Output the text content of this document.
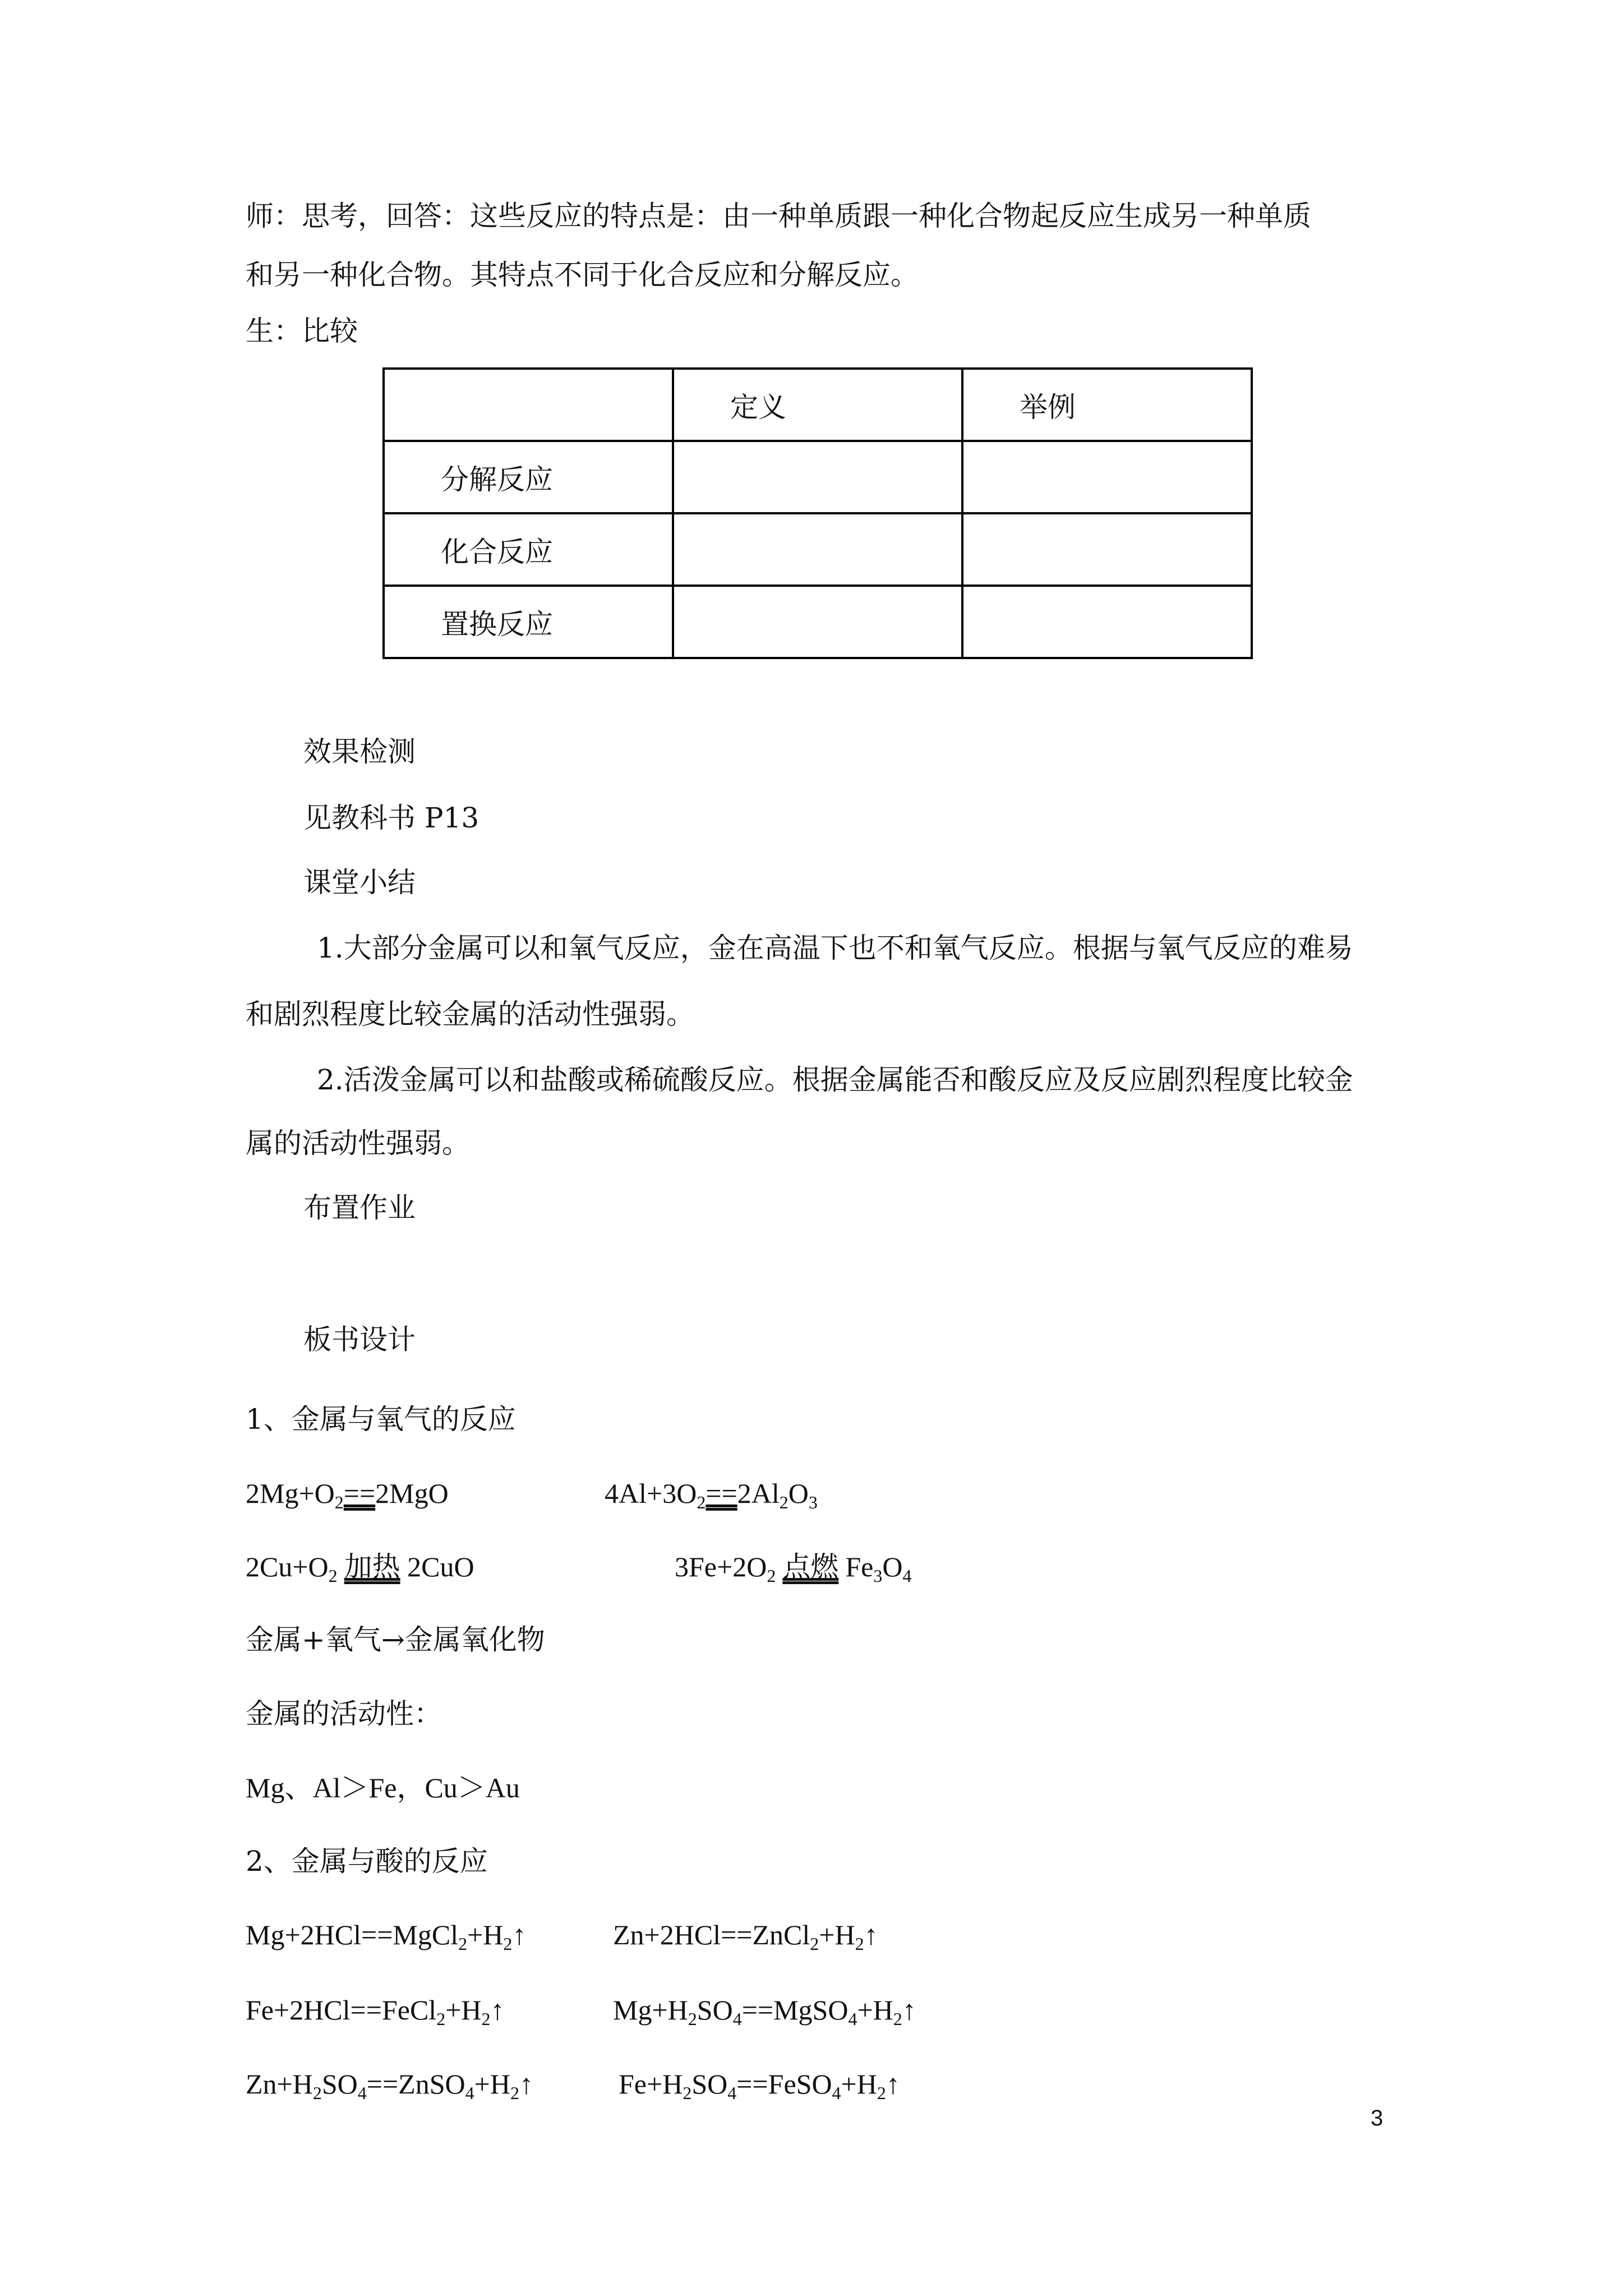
师：思考，回答：这些反应的特点是：由一种单质跟一种化合物起反应生成另一种单质
和另一种化合物。其特点不同于化合反应和分解反应。
生：比较
	定义	举例
分解反应		
化合反应		
置换反应		
效果检测
见教科书 P13
课堂小结
1.大部分金属可以和氧气反应，金在高温下也不和氧气反应。根据与氧气反应的难易
和剧烈程度比较金属的活动性强弱。
2.活泼金属可以和盐酸或稀硫酸反应。根据金属能否和酸反应及反应剧烈程度比较金
属的活动性强弱。
布置作业
板书设计
1、金属与氧气的反应
$2Mg+O_2==2MgO$	$4Al+3O_2==2Al_2O_3$
$2Cu+O_2$ 加热 2CuO	$3Fe+2O_2$ 点燃 $Fe_3O_4$
金属+氧气→金属氧化物
金属的活动性：
Mg、Al＞Fe，Cu＞Au
2、金属与酸的反应
$Mg+2HCl==MgCl_2+H_2↑$	$Zn+2HCl==ZnCl_2+H_2↑$
$Fe+2HCl==FeCl_2+H_2↑$	$Mg+H_2SO_4==MgSO_4+H_2↑$
$Zn+H_2SO_4==ZnSO_4+H_2↑$	$Fe+H_2SO_4==FeSO_4+H_2↑$
3
